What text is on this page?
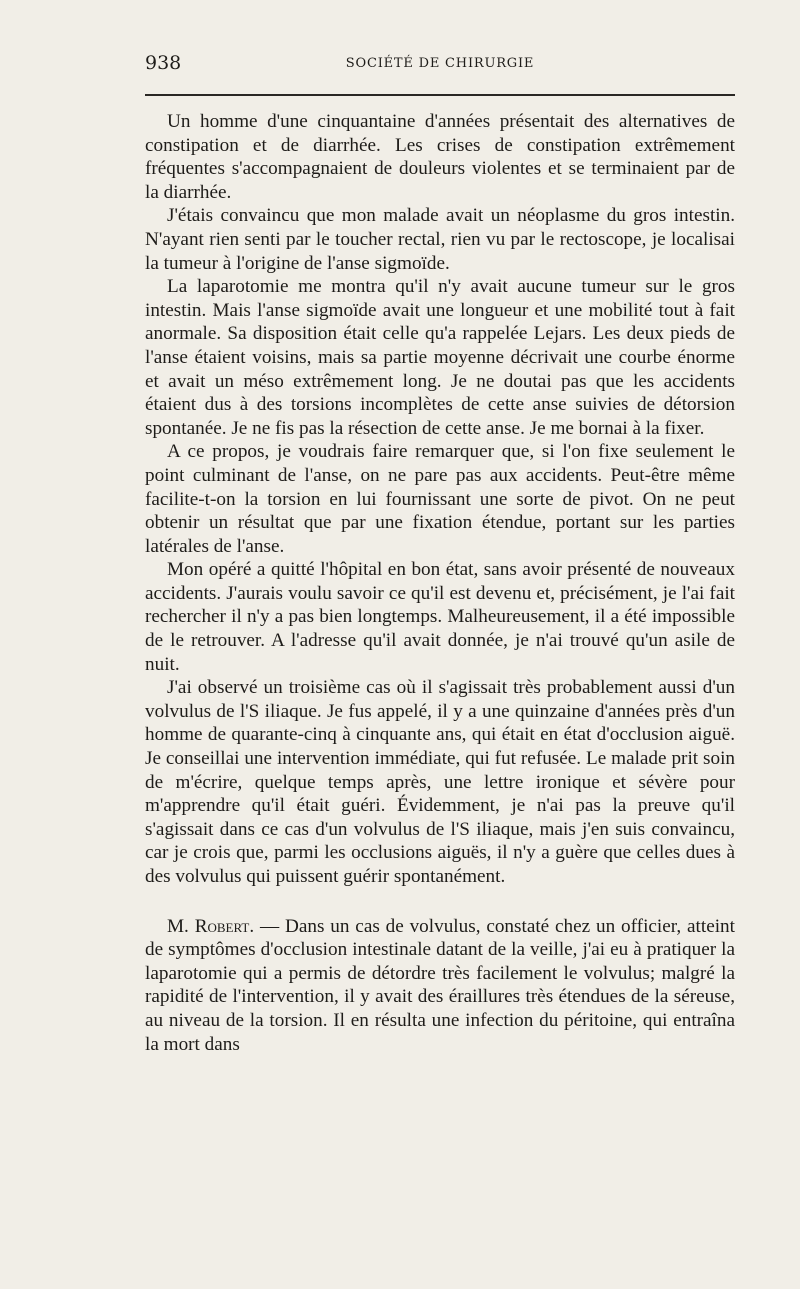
938	SOCIÉTÉ DE CHIRURGIE

Un homme d'une cinquantaine d'années présentait des alternatives de constipation et de diarrhée. Les crises de constipation extrêmement fréquentes s'accompagnaient de douleurs violentes et se terminaient par de la diarrhée.

J'étais convaincu que mon malade avait un néoplasme du gros intestin. N'ayant rien senti par le toucher rectal, rien vu par le rectoscope, je localisai la tumeur à l'origine de l'anse sigmoïde.

La laparotomie me montra qu'il n'y avait aucune tumeur sur le gros intestin. Mais l'anse sigmoïde avait une longueur et une mobilité tout à fait anormale. Sa disposition était celle qu'a rappelée Lejars. Les deux pieds de l'anse étaient voisins, mais sa partie moyenne décrivait une courbe énorme et avait un méso extrêmement long. Je ne doutai pas que les accidents étaient dus à des torsions incomplètes de cette anse suivies de détorsion spontanée. Je ne fis pas la résection de cette anse. Je me bornai à la fixer.

A ce propos, je voudrais faire remarquer que, si l'on fixe seulement le point culminant de l'anse, on ne pare pas aux accidents. Peut-être même facilite-t-on la torsion en lui fournissant une sorte de pivot. On ne peut obtenir un résultat que par une fixation étendue, portant sur les parties latérales de l'anse.

Mon opéré a quitté l'hôpital en bon état, sans avoir présenté de nouveaux accidents. J'aurais voulu savoir ce qu'il est devenu et, précisément, je l'ai fait rechercher il n'y a pas bien longtemps. Malheureusement, il a été impossible de le retrouver. A l'adresse qu'il avait donnée, je n'ai trouvé qu'un asile de nuit.

J'ai observé un troisième cas où il s'agissait très probablement aussi d'un volvulus de l'S iliaque. Je fus appelé, il y a une quinzaine d'années près d'un homme de quarante-cinq à cinquante ans, qui était en état d'occlusion aiguë. Je conseillai une intervention immédiate, qui fut refusée. Le malade prit soin de m'écrire, quelque temps après, une lettre ironique et sévère pour m'apprendre qu'il était guéri. Évidemment, je n'ai pas la preuve qu'il s'agissait dans ce cas d'un volvulus de l'S iliaque, mais j'en suis convaincu, car je crois que, parmi les occlusions aiguës, il n'y a guère que celles dues à des volvulus qui puissent guérir spontanément.

M. Robert. — Dans un cas de volvulus, constaté chez un officier, atteint de symptômes d'occlusion intestinale datant de la veille, j'ai eu à pratiquer la laparotomie qui a permis de détordre très facilement le volvulus; malgré la rapidité de l'intervention, il y avait des éraillures très étendues de la séreuse, au niveau de la torsion. Il en résulta une infection du péritoine, qui entraîna la mort dans
